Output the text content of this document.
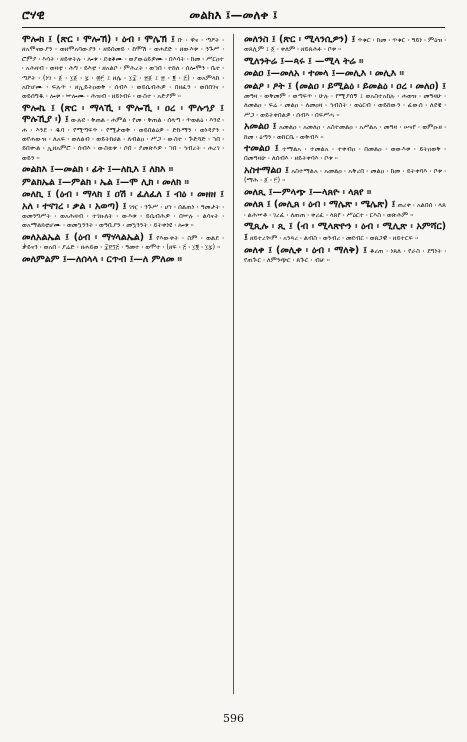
ሮሃዊ	መልክእ ፤—መለቀ ፤
ሞሎክ ፤ (ጽር ፡ ሞሎኽ) ፡ ዕብ ፡ ሞሌኽ ፤ ቡ ፡ ዋና ፡ ጣዖት ፡ ዘአሞናውያን ፡ ወዘሞአባውያን ፡ ዘይሰመይ ፡ ከሞሽ ፡ ወሐደድ ፡ ዘውእቱ ፡ ንጉሥ ፡ ሮምያ ፡ እሳት ፡ ዘይቀትሉ ፡ ሎቱ ፡ ደቂቆሙ ፡ ወያውዕይዎሙ ፡ በእሳት ፡ ከመ ፡ ሥርዐተ ፡ አሕዛብ ፡ ወዛቲ ፡ ሕግ ፡ ይእቲ ፡ ዘአልቦ ፡ ምሕረት ፡ ወኀበ ፡ ተከለ ፡ ሰሎሞን ፡ ቤተ ፡ ጣዖት ፡ (ነገ ፡ ፩ ፡ ፲፩ ፡ ፯ ፡ ፴፫ ፤ ዘሌ ፡ ፲፰ ፡ ፳፩ ፤ ፳ ፡ ፪ ፡ ፭) ፡ ወአምላከ ፡ አቡሆሙ ፡ ፍሉጥ ፡ ዘኢይትዐወቅ ፡ ሰብእ ፡ ወይሴብሕዎ ፡ በዘፈን ፡ ወበበገና ፡ ወይሰግዱ ፡ ሎቱ ፡ ኵሎሙ ፡ ሕዝብ ፡ ዘይነብሩ ፡ ውስተ ፡ አድያም ።
ሞሎኬ ፤ (ጽር ፡ ማላኺ ፡ ሞሎኺ ፡ ዐረ ፡ ሞሉኀያ ፤ ሞሉኺያ ፡) ፤ ውሉደ ፡ ቅጠል ፡ ሐምል ፡ የመ ፡ ቅጠል ፡ ሰላጣ ፡ ጥወልዕ ፡ እንደ ፡ ሐ ፡ እንደ ፡ ዱባ ፡ የሚጣፍጥ ፡ የሚታወቅ ፡ ወይበልዕዎ ፡ ድኩማን ፡ ወነዳያን ፡ ወየሐውዝ ፡ ለአፍ ፡ ወለልብ ፡ ወይትከሀል ፡ ለብልዐ ፡ ሥጋ ፡ ውስተ ፡ ጕድጓድ ፡ ኀበ ፡ ይበቍል ፡ ኢዘአምሮ ፡ ሰብእ ፡ ውስቴቱ ፡ ሶበ ፡ ያመጽእዎ ፡ ኀበ ፡ ኅብረት ፡ ሐረገ ፡ ወይን ።
መልክእ ፤—መልክ ፡ ፊት ፤—ለኪእ ፤ ለክእ ።
ምልክኤል ፤—ምልክ ፡ ኤል ፤—ሞ ሊክ ፡ መለክ ።
መለኪ ፤ (ዕብ ፡ ማላክ ፤ ዐሽ ፡ ፈለፈለ ፤ ብዕ ፡ መዘዘ ፤ አለ ፡ ተናገረ ፡ ቃል ፡ አወጣ) ፤ ገዢ ፡ ንጉሥ ፡ ሆነ ፡ ሰልጠነ ፡ ዓመታት ፡ ወመንግሥት ፡ ወአሕዛብ ፡ ተገዙለት ፡ ውእቱ ፡ ይሴብሕዎ ፡ በኵሉ ፡ ልሳናት ፡ ወአማልክቲሆሙ ፡ ወመኳንንት ፡ ወዓቢያን ፡ መኳንንት ፡ ይትቀነዩ ፡ ሎቱ ።
መለአልኤል ፤ (ዕብ ፡ ማሃላልኤል) ፤ የእውቀት ፡ ስም ፡ ወልደ ፡ ቃይናን ፡ ወአበ ፡ ያሬድ ፡ ዘሐይወ ፡ ፰፻፺፭ ፡ ዓመተ ፡ ወሞተ ፡ (ዘፍ ፡ ፭ ፡ ፲፪ ፡ ፲፯) ።
መለምልም ፤—ለሰላላ ፡ ርጥብ ፤—ለ ምለመ ።
መለንስ ፤ (ጽር ፡ ሚላንሲዎን) ፤ ጥቁር ፡ ከመ ፡ ጥቁር ፡ ዓይነ ፡ ምዕዝ ፡ ወጸሊም ፤ ፩ ፡ ቀለም ፡ ዘይጸሕፉ ፡ ቦቱ ።
ሚለንትሬ ፤—ጳሩ ፤ —ሚላ ትሬ ።
መልዐ ፤—መለአ ፡ ተመላ ፤—መሊእ ፡ መሊእ ።
መልዖ ፡ ዖት ፤ (መልዐ ፡ ይሚልዕ ፡ ይመልዕ ፡ ዐረ ፡ መለዐ) ፤ መዓዛ ፡ ወቅመም ፡ ወጣፍጥ ፡ ሁሉ ፡ የሚያሰኝ ፤ ወአስተአከሉ ፡ ሐወዝ ፡ መዓዛሁ ፡ ለመልዐ ፡ ፍሬ ፡ መልዐ ፡ ለመዐዛ ፡ ኅብስት ፡ ወዕርብ ፡ ወይከውን ፡ ፈውሰ ፡ ለደዌ ፡ ሥጋ ፡ ወይትቀበልዎ ፡ ሰብእ ፡ በፍሥሓ ።
አመልዐ ፤ አመልዐ ፡ አመለዐ ፡ አስተመልዐ ፡ አሥልአ ፡ መዓዛ ፡ ሠናየ ፡ ወምዑዘ ፡ ከመ ፡ ዕጣን ፡ ወከርቤ ፡ ወቅብእ ።
ተመልዐ ፤ ተማልአ ፡ ተመልአ ፡ ተቀብዐ ፡ በመልዐ ፡ ወውእቱ ፡ ይትዐወቅ ፡ በመዓዛሁ ፡ ለሰብእ ፡ ዘይትቀባእ ፡ ቦቱ ።
አስተማልዐ ፤ አስተማልአ ፡ አመልዐ ፡ አቅረበ ፡ መልዐ ፡ ከመ ፡ ይትቀባእ ፡ ቦቱ ፡ (ማሕ ፡ ፩ ፡ ፫) ።
መለጺ ፤—ምላጭ ፤—ላጸዮ ፡ ላጸየ ።
መለጸ ፤ (መሊጸ ፡ ዕብ ፡ ማሌጽ ፡ ሜሌጽ) ፤ ጠረቀ ፡ አልበሰ ፡ ላጸ ፡ ልሕኵቶ ፡ ገረፈ ፡ ለጠጠ ፡ ቀረፈ ፡ ላጸየ ፡ ሥዕርተ ፡ ርእስ ፡ ወጽሕም ።
ሚጺሉ ፡ ጺ ፤ (ብ ፡ ሚላጽዮን ፡ ዕብ ፡ ሚሊጽ ፡ አምሻር) ፤ ዘይተረጐም ፡ አንጻረ ፡ ልብስ ፡ ወንብረ ፡ መደብር ፡ ወጸጋዊ ፡ ዘይተርፍ ።
መለቀ ፤ (መሊቀ ፡ ዕብ ፡ ማለቅ) ፤ ቆረጠ ፡ ነጸለ ፡ የራስ ፡ ደግነት ፡ የጠጕር ፡ ለምንጭር ፡ ጸጕር ፡ ብቻ ።
596
